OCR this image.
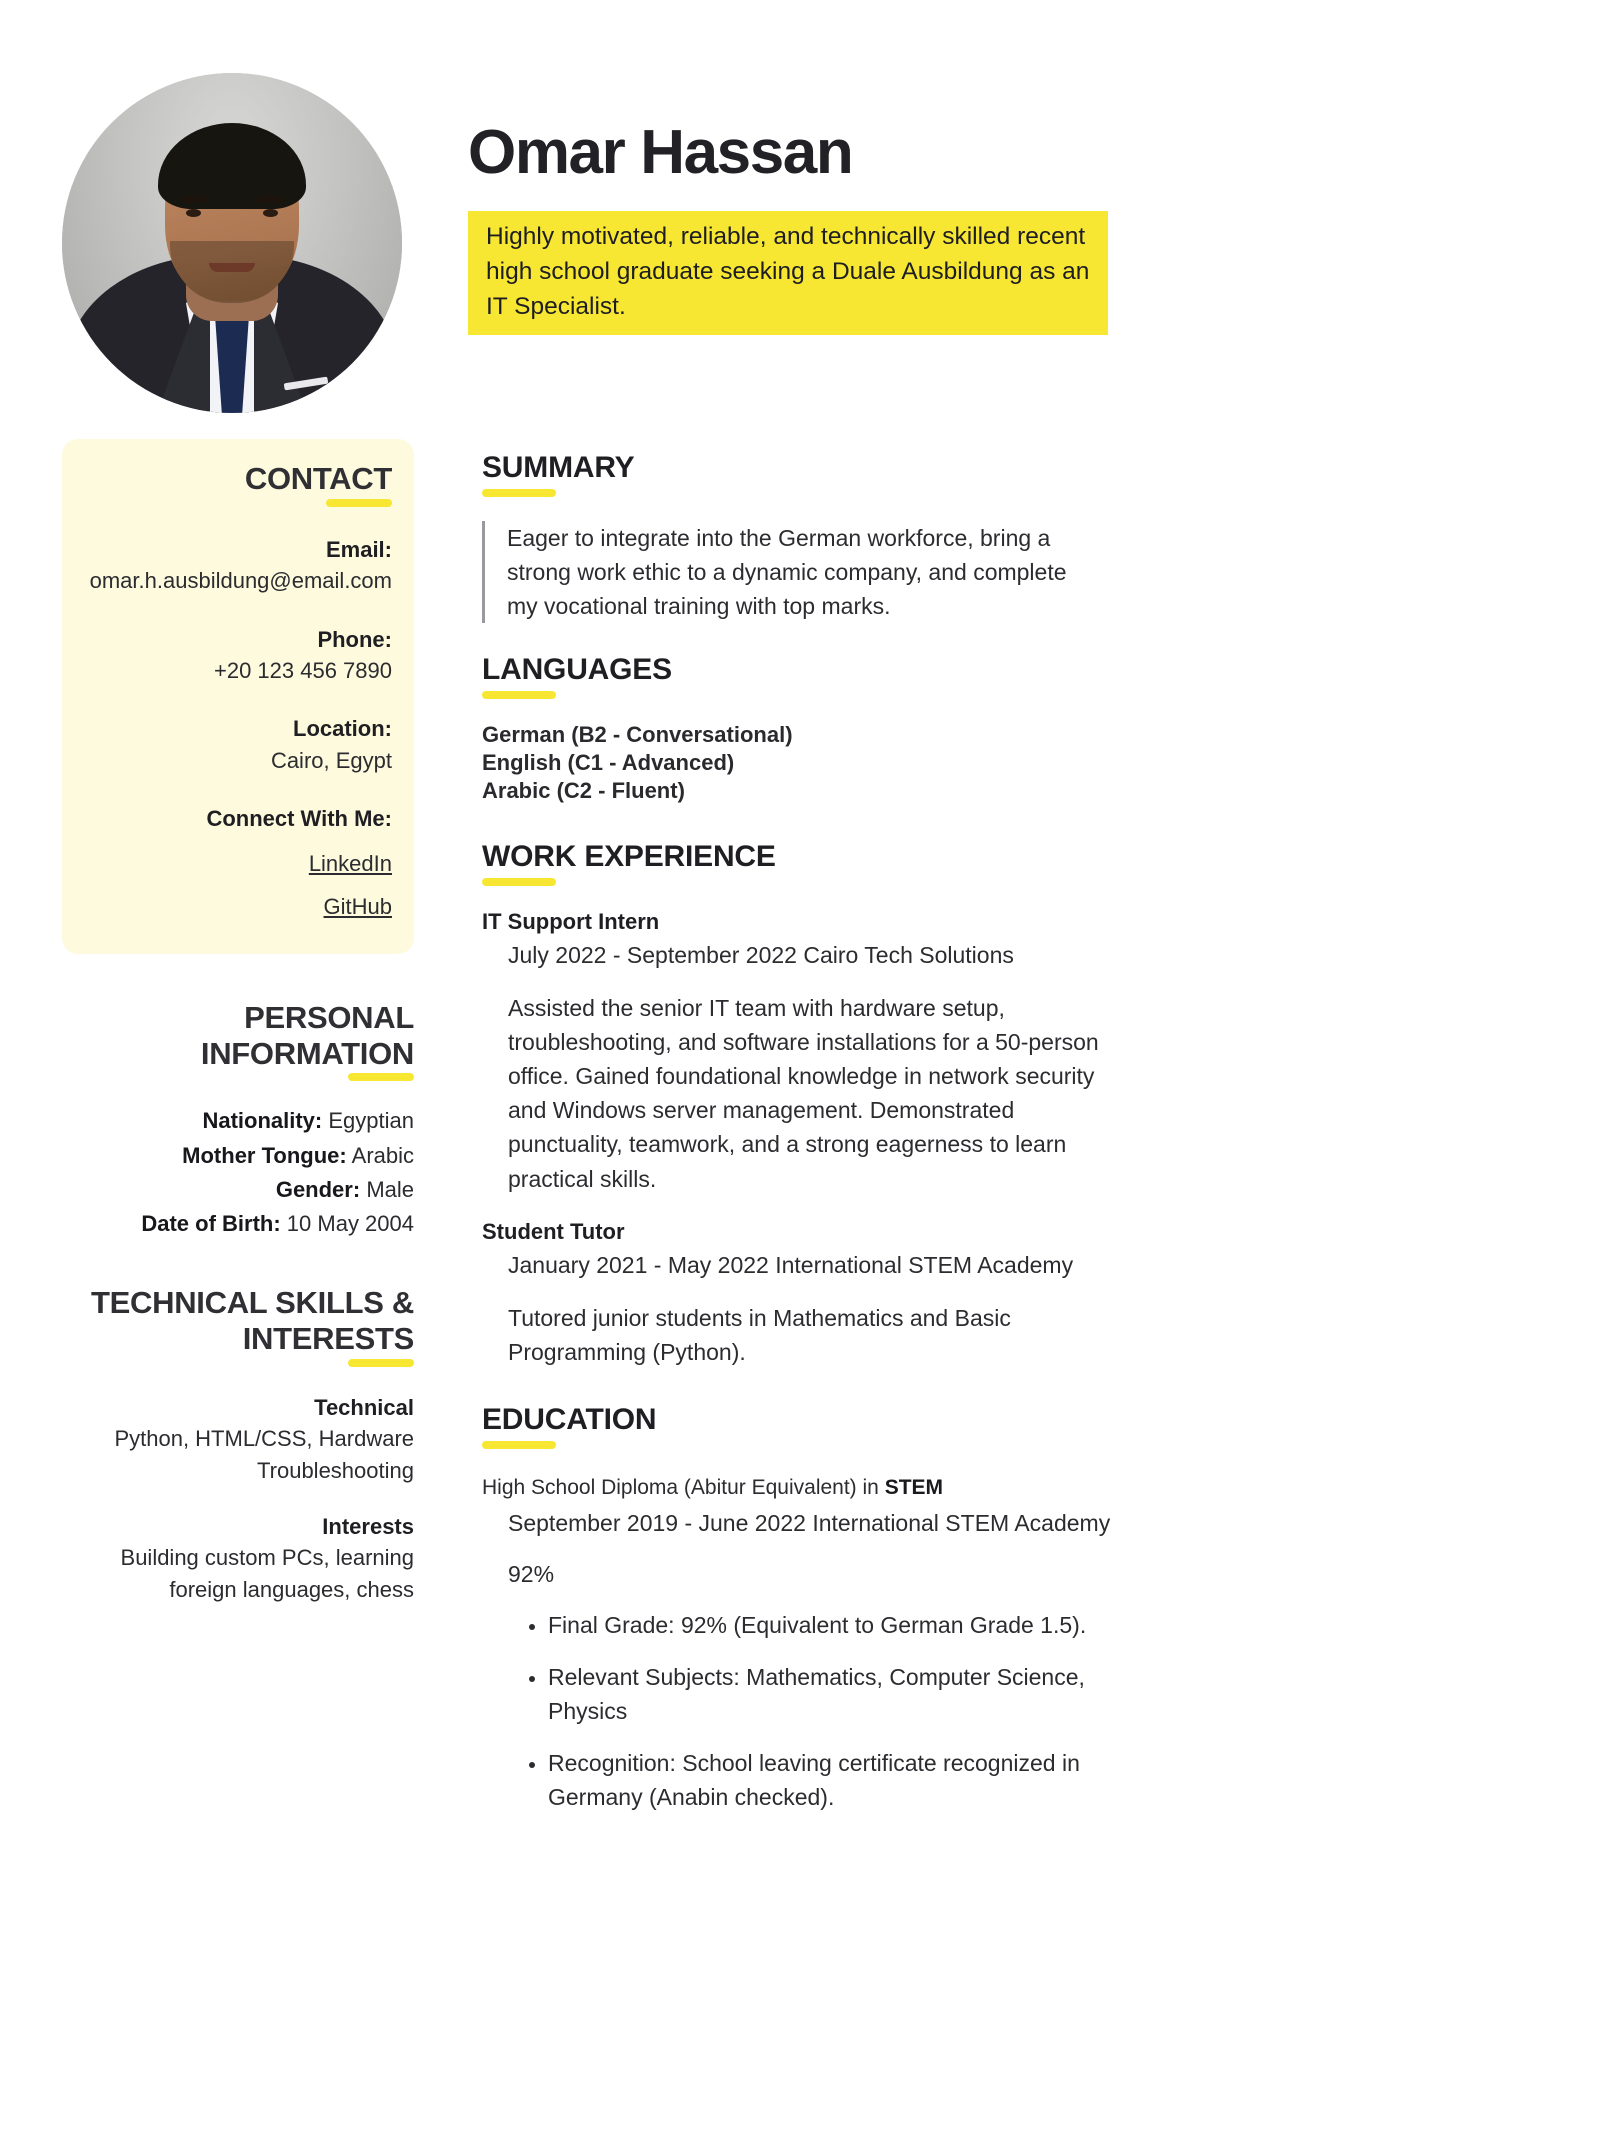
Omar Hassan
Highly motivated, reliable, and technically skilled recent high school graduate seeking a Duale Ausbildung as an IT Specialist.
CONTACT
Email:
omar.h.ausbildung@email.com
Phone:
+20 123 456 7890
Location:
Cairo, Egypt
Connect With Me:
LinkedIn
GitHub
PERSONAL INFORMATION
Nationality: Egyptian
Mother Tongue: Arabic
Gender: Male
Date of Birth: 10 May 2004
TECHNICAL SKILLS & INTERESTS
Technical
Python, HTML/CSS, Hardware Troubleshooting
Interests
Building custom PCs, learning foreign languages, chess
SUMMARY
Eager to integrate into the German workforce, bring a strong work ethic to a dynamic company, and complete my vocational training with top marks.
LANGUAGES
German (B2 - Conversational)
English (C1 - Advanced)
Arabic (C2 - Fluent)
WORK EXPERIENCE
IT Support Intern
July 2022 - September 2022 Cairo Tech Solutions
Assisted the senior IT team with hardware setup, troubleshooting, and software installations for a 50-person office. Gained foundational knowledge in network security and Windows server management. Demonstrated punctuality, teamwork, and a strong eagerness to learn practical skills.
Student Tutor
January 2021 - May 2022 International STEM Academy
Tutored junior students in Mathematics and Basic Programming (Python).
EDUCATION
High School Diploma (Abitur Equivalent) in STEM
September 2019 - June 2022 International STEM Academy
92%
• Final Grade: 92% (Equivalent to German Grade 1.5).
• Relevant Subjects: Mathematics, Computer Science, Physics
• Recognition: School leaving certificate recognized in Germany (Anabin checked).
